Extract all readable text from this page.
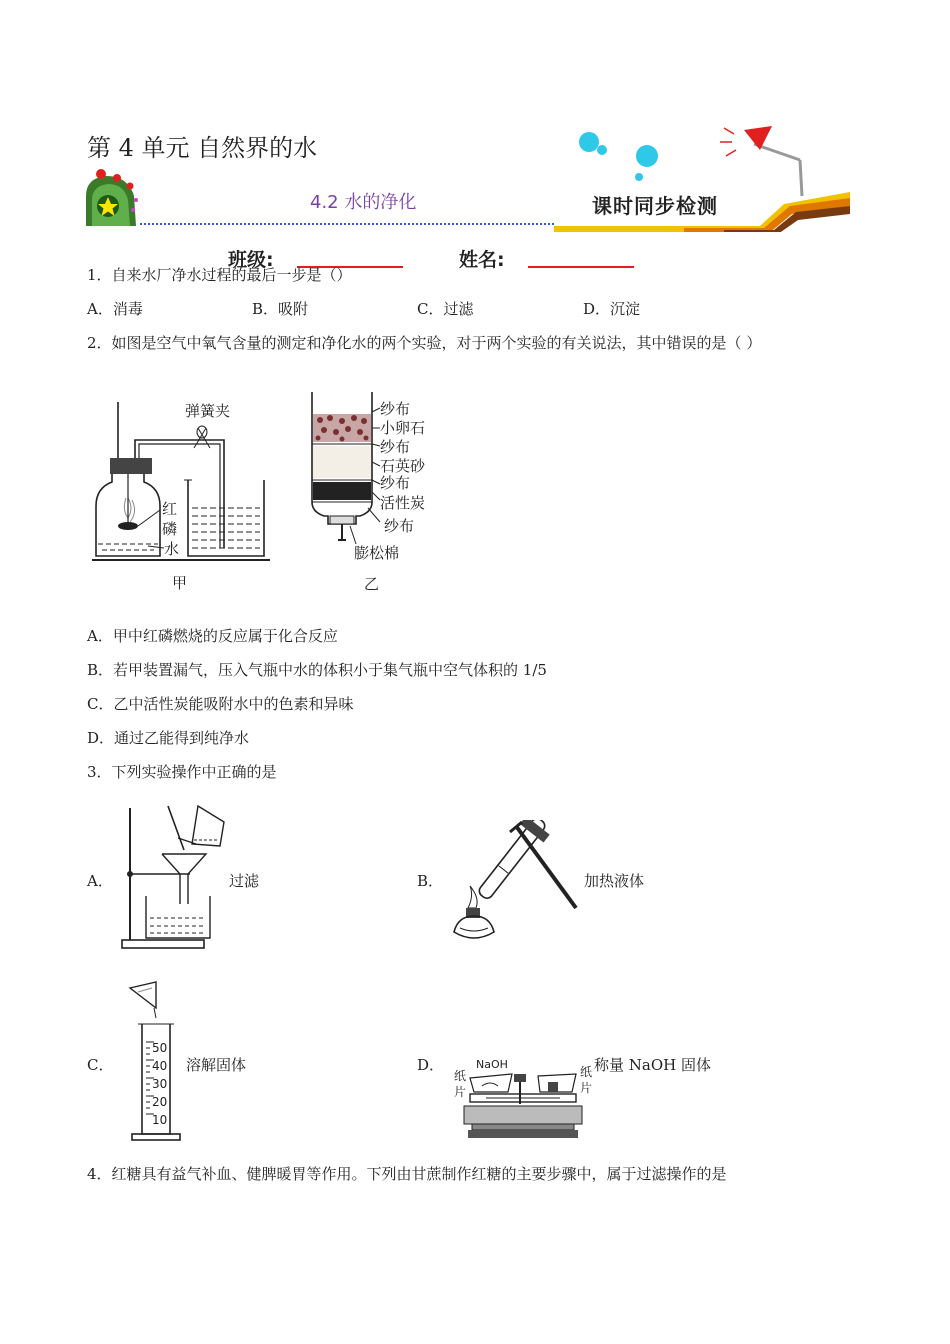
第 4 单元 自然界的水
4.2 水的净化	课时同步检测
班级:	姓名:
1．自来水厂净水过程的最后一步是（）
A．消毒	B．吸附	C．过滤	D．沉淀
2．如图是空气中氧气含量的测定和净化水的两个实验，对于两个实验的有关说法，其中错误的是（ ）
弹簧夹
红
磷
水
甲
纱布
小卵石
纱布
石英砂
纱布
活性炭
纱布
膨松棉
乙
A．甲中红磷燃烧的反应属于化合反应
B．若甲装置漏气，压入气瓶中水的体积小于集气瓶中空气体积的 1/5
C．乙中活性炭能吸附水中的色素和异味
D．通过乙能得到纯净水
3．下列实验操作中正确的是
A．	过滤	B．	加热液体
C．
50
40
30
20
10
溶解固体	D．	NaOH
纸
片
纸
片
称量 NaOH 固体
4．红糖具有益气补血、健脾暖胃等作用。下列由甘蔗制作红糖的主要步骤中，属于过滤操作的是
